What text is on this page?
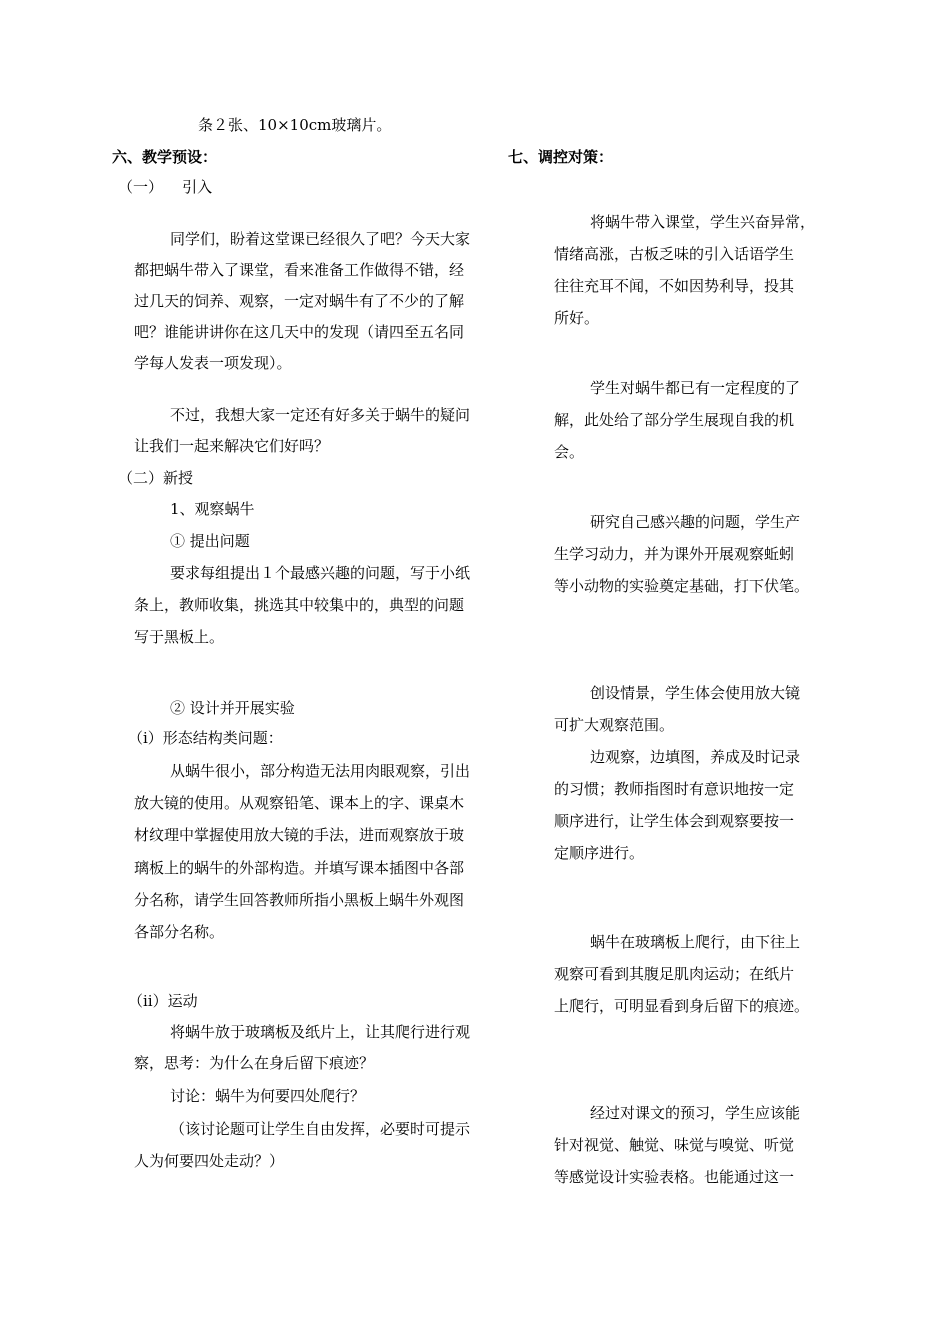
条２张、10×10cm玻璃片。
六、教学预设：
（一）    引入
同学们，盼着这堂课已经很久了吧？今天大家
都把蜗牛带入了课堂，看来准备工作做得不错，经
过几天的饲养、观察，一定对蜗牛有了不少的了解
吧？谁能讲讲你在这几天中的发现（请四至五名同
学每人发表一项发现）。
不过，我想大家一定还有好多关于蜗牛的疑问
让我们一起来解决它们好吗？
（二）新授
1、观察蜗牛
① 提出问题
要求每组提出１个最感兴趣的问题，写于小纸
条上，教师收集，挑选其中较集中的，典型的问题
写于黑板上。
② 设计并开展实验
（ⅰ）形态结构类问题：
从蜗牛很小，部分构造无法用肉眼观察，引出
放大镜的使用。从观察铅笔、课本上的字、课桌木
材纹理中掌握使用放大镜的手法，进而观察放于玻
璃板上的蜗牛的外部构造。并填写课本插图中各部
分名称，请学生回答教师所指小黑板上蜗牛外观图
各部分名称。
（ⅱ）运动
将蜗牛放于玻璃板及纸片上，让其爬行进行观
察，思考：为什么在身后留下痕迹？
讨论：蜗牛为何要四处爬行？
（该讨论题可让学生自由发挥，必要时可提示
人为何要四处走动？）
七、调控对策：
将蜗牛带入课堂，学生兴奋异常，
情绪高涨，古板乏味的引入话语学生
往往充耳不闻，不如因势利导，投其
所好。
学生对蜗牛都已有一定程度的了
解，此处给了部分学生展现自我的机
会。
研究自己感兴趣的问题，学生产
生学习动力，并为课外开展观察蚯蚓
等小动物的实验奠定基础，打下伏笔。
创设情景，学生体会使用放大镜
可扩大观察范围。
边观察，边填图，养成及时记录
的习惯；教师指图时有意识地按一定
顺序进行，让学生体会到观察要按一
定顺序进行。
蜗牛在玻璃板上爬行，由下往上
观察可看到其腹足肌肉运动；在纸片
上爬行，可明显看到身后留下的痕迹。
经过对课文的预习，学生应该能
针对视觉、触觉、味觉与嗅觉、听觉
等感觉设计实验表格。也能通过这一
